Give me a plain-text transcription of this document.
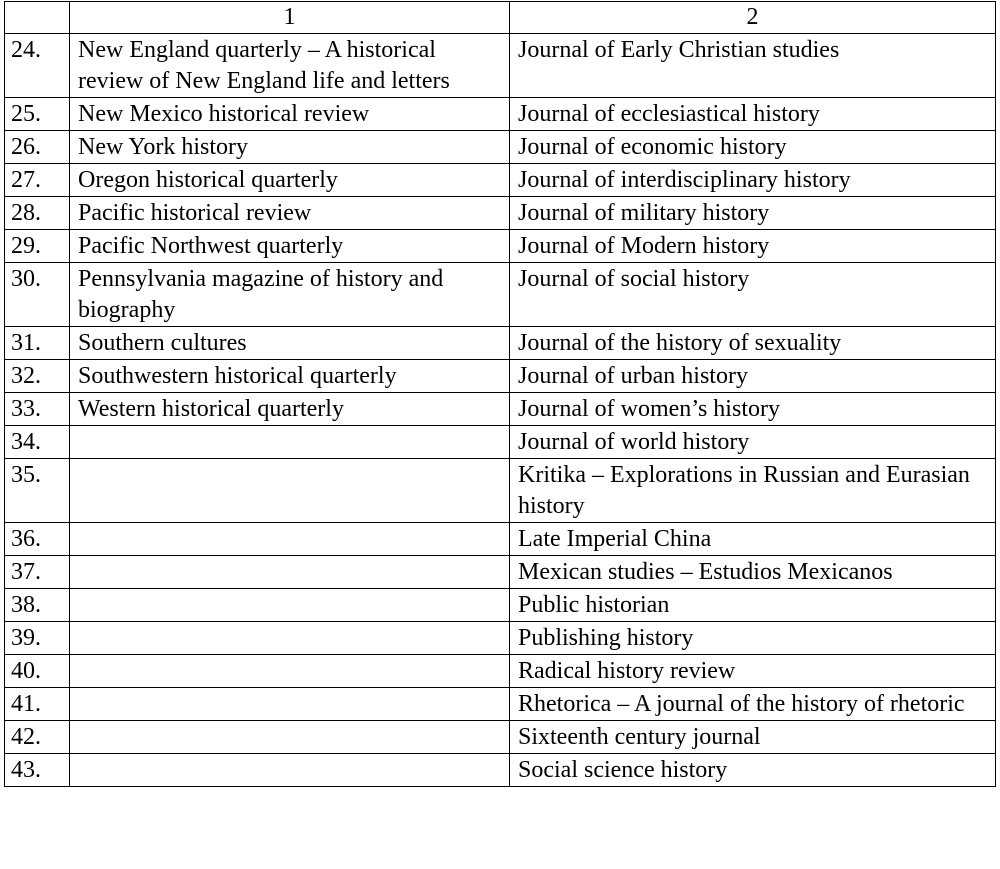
	1	2
24.	New England quarterly – A historical review of New England life and letters	Journal of Early Christian studies
25.	New Mexico historical review	Journal of ecclesiastical history
26.	New York history	Journal of economic history
27.	Oregon historical quarterly	Journal of interdisciplinary history
28.	Pacific historical review	Journal of military history
29.	Pacific Northwest quarterly	Journal of Modern history
30.	Pennsylvania magazine of history and biography	Journal of social history
31.	Southern cultures	Journal of the history of sexuality
32.	Southwestern historical quarterly	Journal of urban history
33.	Western historical quarterly	Journal of women’s history
34.		Journal of world history
35.		Kritika – Explorations in Russian and Eurasian history
36.		Late Imperial China
37.		Mexican studies – Estudios Mexicanos
38.		Public historian
39.		Publishing history
40.		Radical history review
41.		Rhetorica – A journal of the history of rhetoric
42.		Sixteenth century journal
43.		Social science history
